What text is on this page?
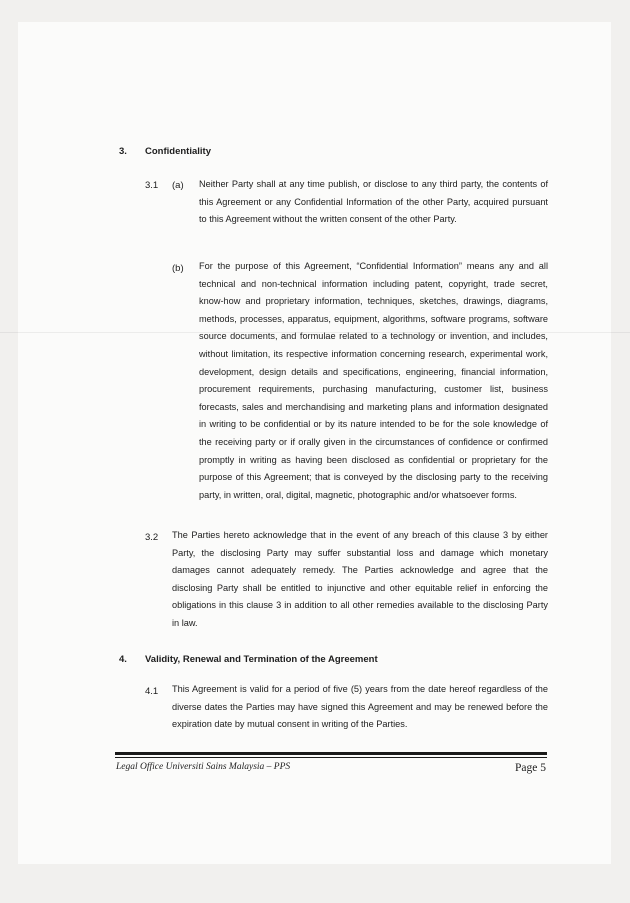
3. Confidentiality
3.1 (a) Neither Party shall at any time publish, or disclose to any third party, the contents of this Agreement or any Confidential Information of the other Party, acquired pursuant to this Agreement without the written consent of the other Party.
(b) For the purpose of this Agreement, “Confidential Information” means any and all technical and non-technical information including patent, copyright, trade secret, know-how and proprietary information, techniques, sketches, drawings, diagrams, methods, processes, apparatus, equipment, algorithms, software programs, software source documents, and formulae related to a technology or invention, and includes, without limitation, its respective information concerning research, experimental work, development, design details and specifications, engineering, financial information, procurement requirements, purchasing manufacturing, customer list, business forecasts, sales and merchandising and marketing plans and information designated in writing to be confidential or by its nature intended to be for the sole knowledge of the receiving party or if orally given in the circumstances of confidence or confirmed promptly in writing as having been disclosed as confidential or proprietary for the purpose of this Agreement; that is conveyed by the disclosing party to the receiving party, in written, oral, digital, magnetic, photographic and/or whatsoever forms.
3.2 The Parties hereto acknowledge that in the event of any breach of this clause 3 by either Party, the disclosing Party may suffer substantial loss and damage which monetary damages cannot adequately remedy. The Parties acknowledge and agree that the disclosing Party shall be entitled to injunctive and other equitable relief in enforcing the obligations in this clause 3 in addition to all other remedies available to the disclosing Party in law.
4. Validity, Renewal and Termination of the Agreement
4.1 This Agreement is valid for a period of five (5) years from the date hereof regardless of the diverse dates the Parties may have signed this Agreement and may be renewed before the expiration date by mutual consent in writing of the Parties.
Legal Office Universiti Sains Malaysia – PPS	Page 5
